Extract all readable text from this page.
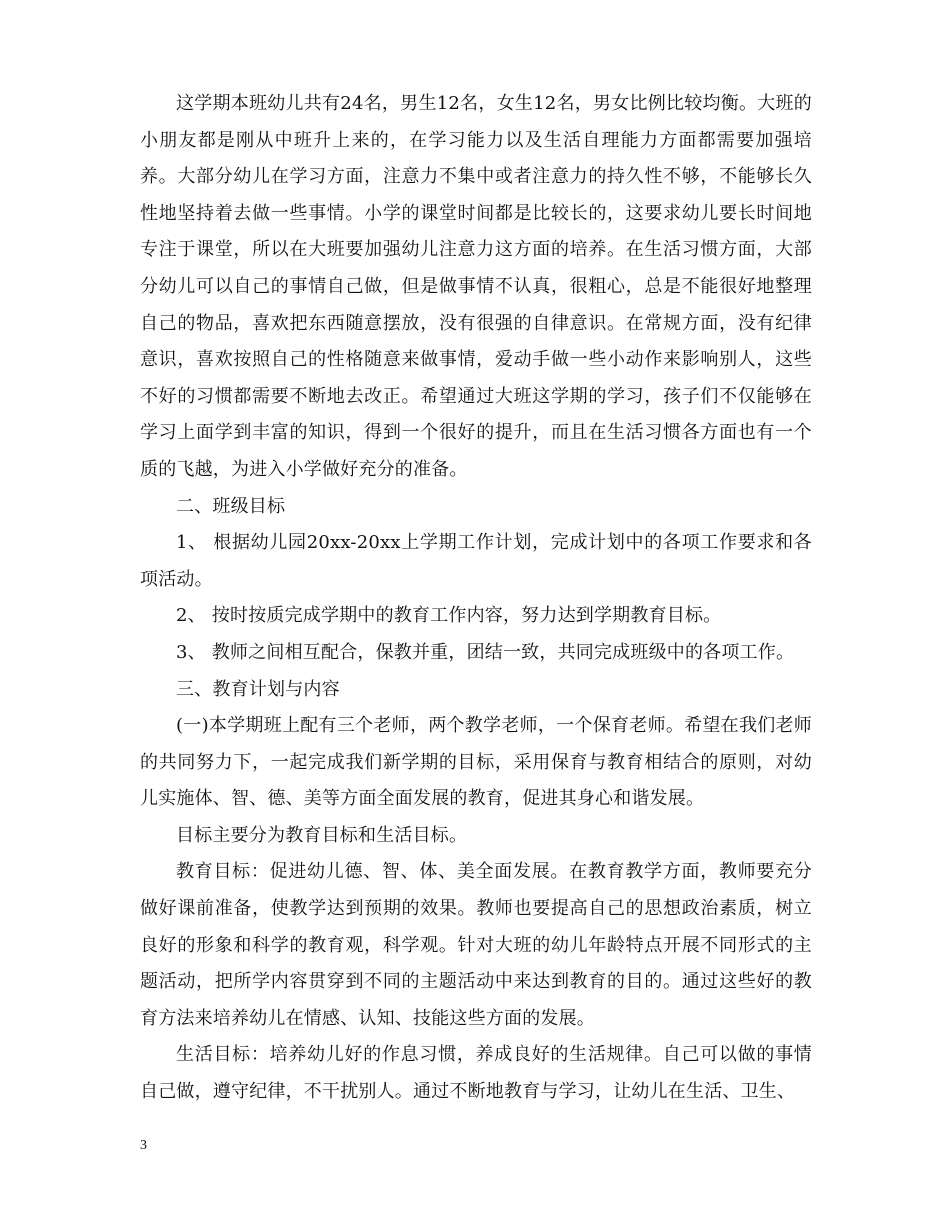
这学期本班幼儿共有24名，男生12名，女生12名，男女比例比较均衡。大班的小朋友都是刚从中班升上来的，在学习能力以及生活自理能力方面都需要加强培养。大部分幼儿在学习方面，注意力不集中或者注意力的持久性不够，不能够长久性地坚持着去做一些事情。小学的课堂时间都是比较长的，这要求幼儿要长时间地专注于课堂，所以在大班要加强幼儿注意力这方面的培养。在生活习惯方面，大部分幼儿可以自己的事情自己做，但是做事情不认真，很粗心，总是不能很好地整理自己的物品，喜欢把东西随意摆放，没有很强的自律意识。在常规方面，没有纪律意识，喜欢按照自己的性格随意来做事情，爱动手做一些小动作来影响别人，这些不好的习惯都需要不断地去改正。希望通过大班这学期的学习，孩子们不仅能够在学习上面学到丰富的知识，得到一个很好的提升，而且在生活习惯各方面也有一个质的飞越，为进入小学做好充分的准备。

二、班级目标

1、 根据幼儿园20xx-20xx上学期工作计划，完成计划中的各项工作要求和各项活动。

2、 按时按质完成学期中的教育工作内容，努力达到学期教育目标。

3、 教师之间相互配合，保教并重，团结一致，共同完成班级中的各项工作。

三、教育计划与内容

(一)本学期班上配有三个老师，两个教学老师，一个保育老师。希望在我们老师的共同努力下，一起完成我们新学期的目标，采用保育与教育相结合的原则，对幼儿实施体、智、德、美等方面全面发展的教育，促进其身心和谐发展。

目标主要分为教育目标和生活目标。

教育目标：促进幼儿德、智、体、美全面发展。在教育教学方面，教师要充分做好课前准备，使教学达到预期的效果。教师也要提高自己的思想政治素质，树立良好的形象和科学的教育观，科学观。针对大班的幼儿年龄特点开展不同形式的主题活动，把所学内容贯穿到不同的主题活动中来达到教育的目的。通过这些好的教育方法来培养幼儿在情感、认知、技能这些方面的发展。

生活目标：培养幼儿好的作息习惯，养成良好的生活规律。自己可以做的事情自己做，遵守纪律，不干扰别人。通过不断地教育与学习，让幼儿在生活、卫生、

3
